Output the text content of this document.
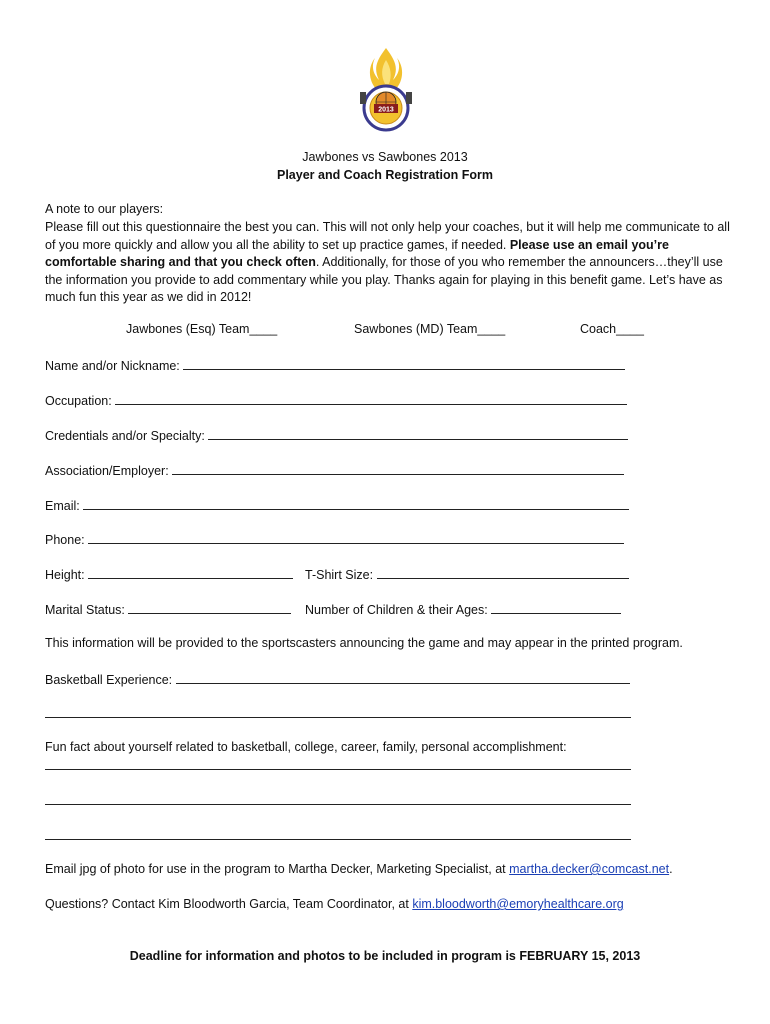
2013
Jawbones vs Sawbones 2013
Player and Coach Registration Form
A note to our players:
Please fill out this questionnaire the best you can. This will not only help your coaches, but it will help me communicate to all of you more quickly and allow you all the ability to set up practice games, if needed. Please use an email you’re comfortable sharing and that you check often. Additionally, for those of you who remember the announcers…they’ll use the information you provide to add commentary while you play. Thanks again for playing in this benefit game. Let’s have as much fun this year as we did in 2012!
Jawbones (Esq) Team____	Sawbones (MD) Team____	Coach____
Name and/or Nickname:
Occupation:
Credentials and/or Specialty:
Association/Employer:
Email:
Phone:
Height:	T-Shirt Size:
Marital Status:	Number of Children & their Ages:
This information will be provided to the sportscasters announcing the game and may appear in the printed program.
Basketball Experience:
Fun fact about yourself related to basketball, college, career, family, personal accomplishment:
Email jpg of photo for use in the program to Martha Decker, Marketing Specialist, at martha.decker@comcast.net.
Questions? Contact Kim Bloodworth Garcia, Team Coordinator, at kim.bloodworth@emoryhealthcare.org
Deadline for information and photos to be included in program is FEBRUARY 15, 2013
